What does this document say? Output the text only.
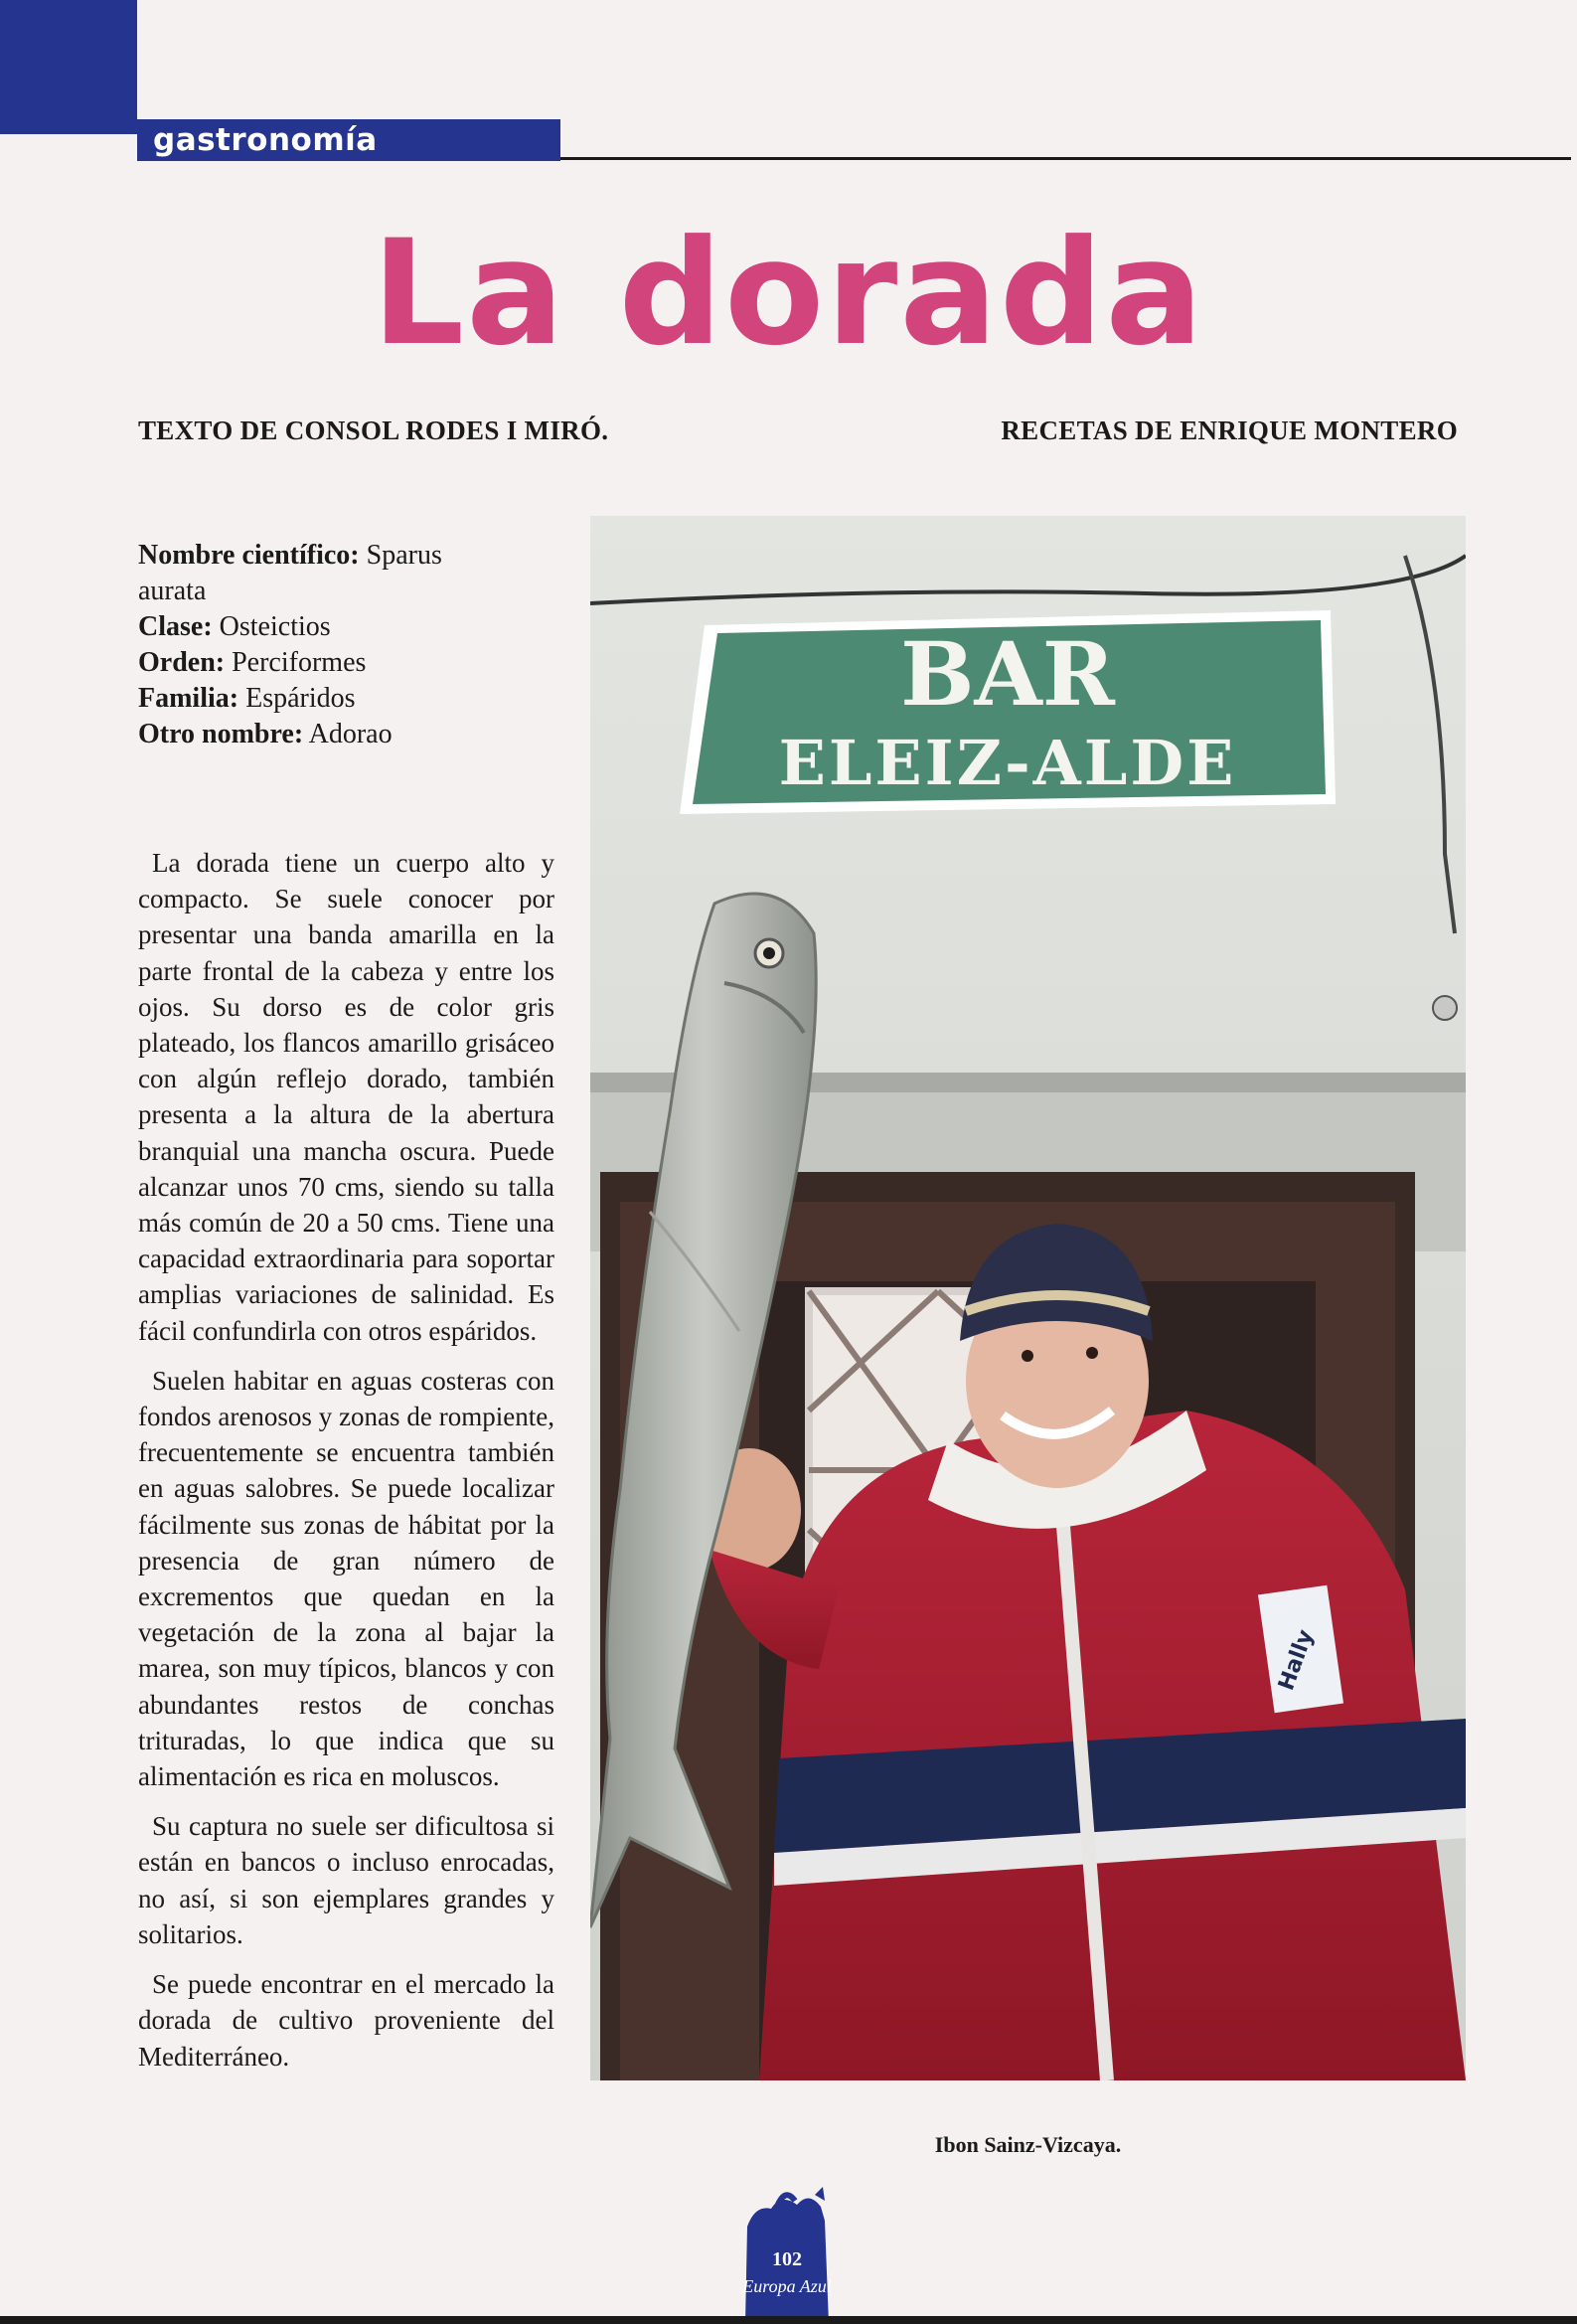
gastronomía
La dorada
TEXTO DE CONSOL RODES I MIRÓ.	RECETAS DE ENRIQUE MONTERO
Nombre científico: Sparus aurata
Clase: Osteictios
Orden: Perciformes
Familia: Espáridos
Otro nombre: Adorao

La dorada tiene un cuerpo alto y compacto. Se suele conocer por presentar una banda amarilla en la parte frontal de la cabeza y entre los ojos. Su dorso es de color gris plateado, los flancos amarillo grisáceo con algún reflejo dorado, también presenta a la altura de la abertura branquial una mancha oscura. Puede alcanzar unos 70 cms, siendo su talla más común de 20 a 50 cms. Tiene una capacidad extraordinaria para soportar amplias variaciones de salinidad. Es fácil confundirla con otros espáridos.

Suelen habitar en aguas costeras con fondos arenosos y zonas de rompiente, frecuentemente se encuentra también en aguas salobres. Se puede localizar fácilmente sus zonas de hábitat por la presencia de gran número de excrementos que quedan en la vegetación de la zona al bajar la marea, son muy típicos, blancos y con abundantes restos de conchas trituradas, lo que indica que su alimentación es rica en moluscos.

Su captura no suele ser dificultosa si están en bancos o incluso enrocadas, no así, si son ejemplares grandes y solitarios.

Se puede encontrar en el mercado la dorada de cultivo proveniente del Mediterráneo.

BAR
ELEIZ-ALDE
Hally
Ibon Sainz-Vizcaya.
102
Europa Azul
